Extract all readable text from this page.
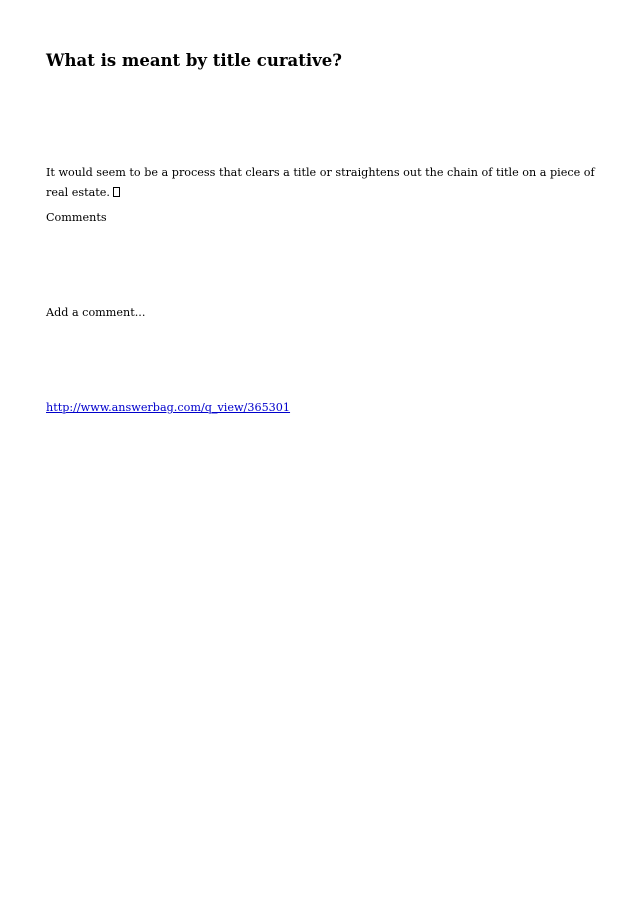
What is meant by title curative?

It would seem to be a process that clears a title or straightens out the chain of title on a piece of real estate.

Comments

Add a comment...

http://www.answerbag.com/q_view/365301
